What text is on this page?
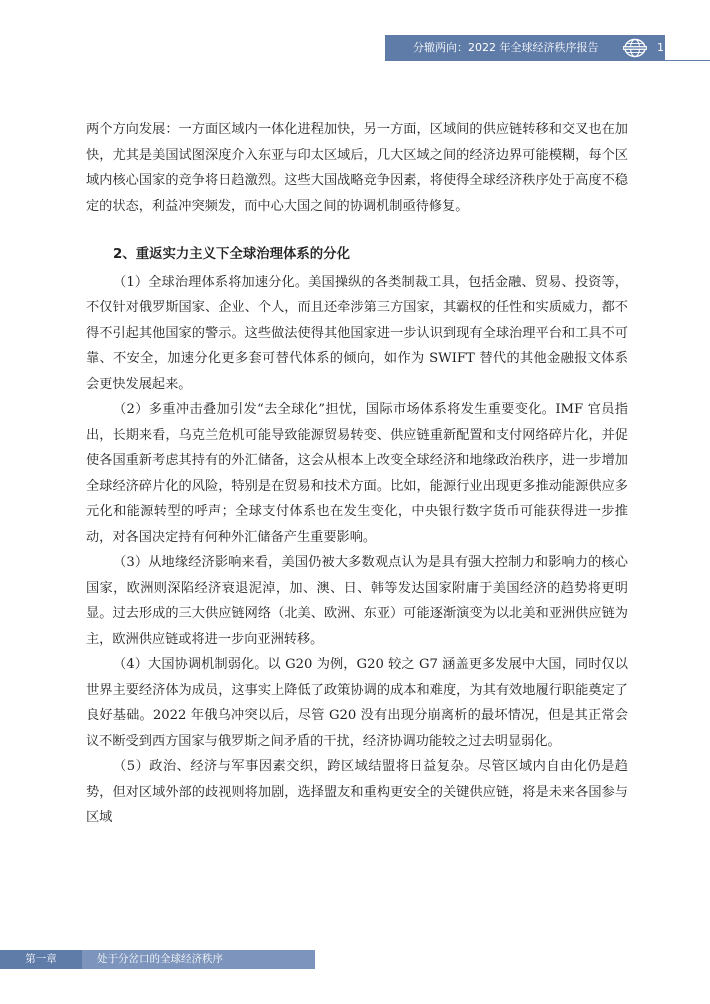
分辙两向：2022 年全球经济秩序报告	11

两个方向发展：一方面区域内一体化进程加快，另一方面，区域间的供应链转移和交叉也在加快，尤其是美国试图深度介入东亚与印太区域后，几大区域之间的经济边界可能模糊，每个区域内核心国家的竞争将日趋激烈。这些大国战略竞争因素，将使得全球经济秩序处于高度不稳定的状态，利益冲突频发，而中心大国之间的协调机制亟待修复。

2、重返实力主义下全球治理体系的分化

（1）全球治理体系将加速分化。美国操纵的各类制裁工具，包括金融、贸易、投资等，不仅针对俄罗斯国家、企业、个人，而且还牵涉第三方国家，其霸权的任性和实质威力，都不得不引起其他国家的警示。这些做法使得其他国家进一步认识到现有全球治理平台和工具不可靠、不安全，加速分化更多套可替代体系的倾向，如作为 SWIFT 替代的其他金融报文体系会更快发展起来。

（2）多重冲击叠加引发“去全球化”担忧，国际市场体系将发生重要变化。IMF 官员指出，长期来看，乌克兰危机可能导致能源贸易转变、供应链重新配置和支付网络碎片化，并促使各国重新考虑其持有的外汇储备，这会从根本上改变全球经济和地缘政治秩序，进一步增加全球经济碎片化的风险，特别是在贸易和技术方面。比如，能源行业出现更多推动能源供应多元化和能源转型的呼声；全球支付体系也在发生变化，中央银行数字货币可能获得进一步推动，对各国决定持有何种外汇储备产生重要影响。

（3）从地缘经济影响来看，美国仍被大多数观点认为是具有强大控制力和影响力的核心国家，欧洲则深陷经济衰退泥淖，加、澳、日、韩等发达国家附庸于美国经济的趋势将更明显。过去形成的三大供应链网络（北美、欧洲、东亚）可能逐渐演变为以北美和亚洲供应链为主，欧洲供应链或将进一步向亚洲转移。

（4）大国协调机制弱化。以 G20 为例，G20 较之 G7 涵盖更多发展中大国，同时仅以世界主要经济体为成员，这事实上降低了政策协调的成本和难度，为其有效地履行职能奠定了良好基础。2022 年俄乌冲突以后，尽管 G20 没有出现分崩离析的最坏情况，但是其正常会议不断受到西方国家与俄罗斯之间矛盾的干扰，经济协调功能较之过去明显弱化。

（5）政治、经济与军事因素交织，跨区域结盟将日益复杂。尽管区域内自由化仍是趋势，但对区域外部的歧视则将加剧，选择盟友和重构更安全的关键供应链，将是未来各国参与区域

第一章	处于分岔口的全球经济秩序
